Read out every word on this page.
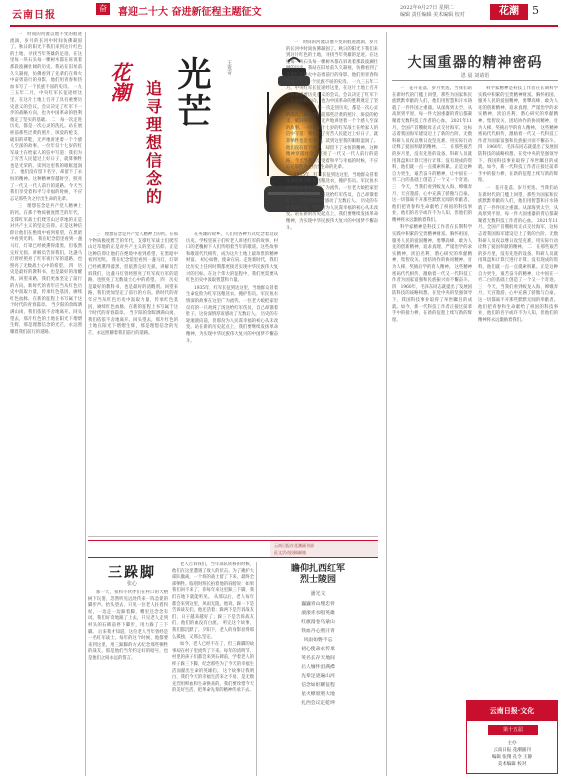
云南日报
2022年9月27日 星期二
编辑 责任编辑 美术编辑 校对	花潮	5

一　时间的河流以他不变的痕迹流淌，岁月的长河中时间仿佛凝固了。秋日的阳光下我们来到这片红色的土地，寻找当年英雄的足迹。在这里每一块石头每一棵树木都在诉说着那段波澜壮阔的历史。我站在旧址前久久凝视，仿佛看到了先辈们在烽火中奋勇前行的身影，他们用青春和热血书写了一个民族不屈的史诗。 一九三五年二月，中央红军长征途经这里，在这片土地上召开了具有重要历史意义的会议。会议决定了红军下一步的战略方向，也为中国革命的胜利奠定了坚实的基础。 二　每一次走进历史，都是一次心灵的洗礼。站在展柜前那些泛黄的照片、斑驳的枪支、破旧的草鞋，无声地讲述着一个个感人至深的故事。一位年仅十七岁的红军战士在给家人的信中写道：我们为了穷苦人民能过上好日子，就算牺牲也是光荣的。读到这里我的眼眶湿润了。 他们没有留下名字，却留下了永恒的精神。这种精神穿越时空，照亮了一代又一代人前行的道路。今天当我们享受着和平与幸福的时候，不应忘记那些为之付出生命的先辈。

三　理想信念是共产党人精神上的钙。在那个物质极度匮乏的年代，支撑红军战士们爬雪山过草地的正是对共产主义的坚定信仰。正是这种信仰让他们在绝境中看到希望，在黑暗中看到光明。 我在纪念馆里看到一盏马灯，灯罩已经被熏得漆黑，但依然完好无损。讲解员告诉我们，这盏马灯曾经照亮了红军夜行军的道路，也照亮了无数战士心中的希望。 四　历史是最好的教科书，也是最好的清醒剂。回望来路，我们更加坚定了前行的方向。新时代的青年应当从红色历史中汲取力量，传承红色基因，赓续红色血脉，在新的征程上书写属于这个时代的青春篇章。 当夕阳的余晖洒满山岗，我们依依不舍地离开。回头望去，那片红色的土地在阳光下熠熠生辉，那是理想信念的光芒，永远照耀着我们前行的道路。

花潮 光芒
追寻理想信念的
王贵奇

三　理想信念是共产党人精神上的钙。在那个物质极度匮乏的年代，支撑红军战士们爬雪山过草地的正是对共产主义的坚定信仰。正是这种信仰让他们在绝境中看到希望，在黑暗中看到光明。 我在纪念馆里看到一盏马灯，灯罩已经被熏得漆黑，但依然完好无损。讲解员告诉我们，这盏马灯曾经照亮了红军夜行军的道路，也照亮了无数战士心中的希望。 四　历史是最好的教科书，也是最好的清醒剂。回望来路，我们更加坚定了前行的方向。新时代的青年应当从红色历史中汲取力量，传承红色基因，赓续红色血脉，在新的征程上书写属于这个时代的青春篇章。 当夕阳的余晖洒满山岗，我们依依不舍地离开。回头望去，那片红色的土地在阳光下熠熠生辉，那是理想信念的光芒，永远照耀着我们前行的道路。

在英雄的故乡，人们用各种方式纪念着这段历史。学校里孩子们听老人讲述红军的故事，村口的老槐树下人们传唱着当年的歌谣。这些故事和歌谣代代相传，成为这片土地上最珍贵的精神财富。 初心如磐，使命在肩。走进新时代，我们比历史上任何时期都更接近实现中华民族伟大复兴的目标。在这个伟大的征程中，我们更需要从红色历史中汲取智慧和力量。

1935年，红军长征到达这里，当地群众冒着生命危险为红军送粮送衣，掩护伤员。军民鱼水情深的故事在这里广为流传。一位老大娘把家里仅有的一只鸡炖了汤送给红军伤员，自己却饿着肚子。这份深情厚谊感动了无数后人。 历史的车轮滚滚向前，但那份为人民谋幸福的初心从未改变。站在新的历史起点上，我们要继续发扬革命精神，为实现中华民族伟大复兴的中国梦不懈奋斗。

一　时间的河流以他不变的痕迹流淌，岁月的长河中时间仿佛凝固了。秋日的阳光下我们来到这片红色的土地，寻找当年英雄的足迹。在这里每一块石头每一棵树木都在诉说着那段波澜壮阔的历史。我站在旧址前久久凝视，仿佛看到了先辈们在烽火中奋勇前行的身影，他们用青春和热血书写了一个民族不屈的史诗。 一九三五年二月，中央红军长征途经这里，在这片土地上召开了具有重要历史意义的会议。会议决定了红军下一步的战略方向，也为中国革命的胜利奠定了坚实的基础。 二　每一次走进历史，都是一次心灵的洗礼。站在展柜前那些泛黄的照片、斑驳的枪支、破旧的草鞋，无声地讲述着一个个感人至深的故事。一位年仅十七岁的红军战士在给家人的信中写道：我们为了穷苦人民能过上好日子，就算牺牲也是光荣的。读到这里我的眼眶湿润了。 他们没有留下名字，却留下了永恒的精神。这种精神穿越时空，照亮了一代又一代人前行的道路。今天当我们享受着和平与幸福的时候，不应忘记那些为之付出生命的先辈。

1935年，红军长征到达这里，当地群众冒着生命危险为红军送粮送衣，掩护伤员。军民鱼水情深的故事在这里广为流传。一位老大娘把家里仅有的一只鸡炖了汤送给红军伤员，自己却饿着肚子。这份深情厚谊感动了无数后人。 历史的车轮滚滚向前，但那份为人民谋幸福的初心从未改变。站在新的历史起点上，我们要继续发扬革命精神，为实现中华民族伟大复兴的中国梦不懈奋斗。

大国重器的精神密码
恩 晨 刘请语

一　花开花落，岁月更迭。当我们站在新时代的门槛上回望，那些为国家和民族默默奉献的人们，他们用智慧和汗水铸就了一件件国之重器。从深海到太空，从高原到平原，每一件大国重器的背后都凝聚着无数科技工作者的心血。 2021年11月，全国产首艘航母正式交付海军，这标志着我国海军建设迈上了新的台阶。无数科研人员夜以继日攻坚克难，用实际行动诠释了爱国奉献的精神。 二　在那些艰苦的岁月里，没有先进的设备，科研人员就用算盘和计算尺进行计算；没有现成的资料，他们就一点一点摸索积累。正是这种自力更生、艰苦奋斗的精神，让中国在一穷二白的基础上创造了一个又一个奇迹。 三　今天，当我们看到蛟龙入海、嫦娥奔月、天宫遨游，心中充满了骄傲与自豪。这一切都离不开那些默默无闻的奉献者。他们把青春和生命献给了祖国的科技事业，他们的名字或许不为人知，但他们的精神将永远激励着我们。

科学家精神是科技工作者在长期科学实践中积累的宝贵精神财富。胸怀祖国、服务人民的爱国精神，勇攀高峰、敢为人先的创新精神，追求真理、严谨治学的求实精神，淡泊名利、潜心研究的奉献精神，集智攻关、团结协作的协同精神，甘为人梯、奖掖后学的育人精神。 这些精神密码代代相传，激励着一代又一代科技工作者为国家富强和民族振兴而不懈奋斗。四　1960年，毛泽东同志就提出了发展国防科技的战略构想。在党中央的坚强领导下，我国科技事业取得了举世瞩目的成就。如今，新一代科技工作者正接过前辈手中的接力棒，在新的征程上续写新的辉煌。

科学家精神是科技工作者在长期科学实践中积累的宝贵精神财富。胸怀祖国、服务人民的爱国精神，勇攀高峰、敢为人先的创新精神，追求真理、严谨治学的求实精神，淡泊名利、潜心研究的奉献精神，集智攻关、团结协作的协同精神，甘为人梯、奖掖后学的育人精神。 这些精神密码代代相传，激励着一代又一代科技工作者为国家富强和民族振兴而不懈奋斗。四　1960年，毛泽东同志就提出了发展国防科技的战略构想。在党中央的坚强领导下，我国科技事业取得了举世瞩目的成就。如今，新一代科技工作者正接过前辈手中的接力棒，在新的征程上续写新的辉煌。

一　花开花落，岁月更迭。当我们站在新时代的门槛上回望，那些为国家和民族默默奉献的人们，他们用智慧和汗水铸就了一件件国之重器。从深海到太空，从高原到平原，每一件大国重器的背后都凝聚着无数科技工作者的心血。 2021年11月，全国产首艘航母正式交付海军，这标志着我国海军建设迈上了新的台阶。无数科研人员夜以继日攻坚克难，用实际行动诠释了爱国奉献的精神。 二　在那些艰苦的岁月里，没有先进的设备，科研人员就用算盘和计算尺进行计算；没有现成的资料，他们就一点一点摸索积累。正是这种自力更生、艰苦奋斗的精神，让中国在一穷二白的基础上创造了一个又一个奇迹。 三　今天，当我们看到蛟龙入海、嫦娥奔月、天宫遨游，心中充满了骄傲与自豪。这一切都离不开那些默默无闻的奉献者。他们把青春和生命献给了祖国的科技事业，他们的名字或许不为人知，但他们的精神将永远激励着我们。

奋	喜迎二十大 奋进新征程主题征文
云南日报社花潮副刊部
征文活动投稿邮箱
三跺脚
张心

那一天，我和小伙伴们在村口的大榕树下玩耍，忽然听见远处传来一阵急促的脚步声。抬头望去，只见一位老人拄着拐杖，一边走一边跺着脚，嘴里还念念有词。我们好奇地跟了上去，只见老人走到村头的石碑前停下脚步，用力跺了三下脚。 后来我才知道，这位老人当年曾经是一名红军战士。每年的这个时候，他都要来到这里，用三跺脚的方式纪念那些牺牲的战友。那是他们当年约定好的暗号，也是他们之间永远的誓言。

老人告诉我们，当年部队转移的时候，他们在这里遭遇了敌人的伏击。为了掩护大部队撤离，一个班的战士留了下来，最终全部牺牲。临别时班长拍着他的肩膀说：如果我们回不来了，你每年来这里跺三下脚，我们在地下就能听见。 从那以后，老人每年都会来到这里，风雨无阻。他说，跺一下是告诉战友们，他还活着；跺两下是告诉战友们，日子越来越好了；跺三下是告诉战友们，他们的血没有白流。 听完这个故事，我们都沉默了。夕阳下，老人的身影显得那么孤独，又那么坚定。

如今，老人已经不在了，但三跺脚的故事却在村子里流传了下来。每年的清明节，村里的孩子们都会来到石碑前，学着老人的样子跺三下脚，纪念那些为了今天的幸福生活而献出生命的英雄们。 这个故事让我明白，我们今天的幸福生活来之不易，是无数先烈用鲜血和生命换来的。我们要珍惜今天的美好生活，把革命先辈的精神传承下去。

瞻仰扎西红军
烈士陵园
潘光文
巍巍青山埋忠骨
滚滚赤水唱英雄
红旗漫卷乌蒙山
铁血丹心照汗青
风雨如磐不忘
初心使命永传承
英名长存天地间
后人缅怀泪满襟
先辈足迹遍山河
信念如炬耀征程
星火燎原照大地
扎西会议定乾坤
云南日报·文化
第十五届
主办
云南日报 花潮副刊
编辑 张翔 孔令 王静
美术编辑 校对
